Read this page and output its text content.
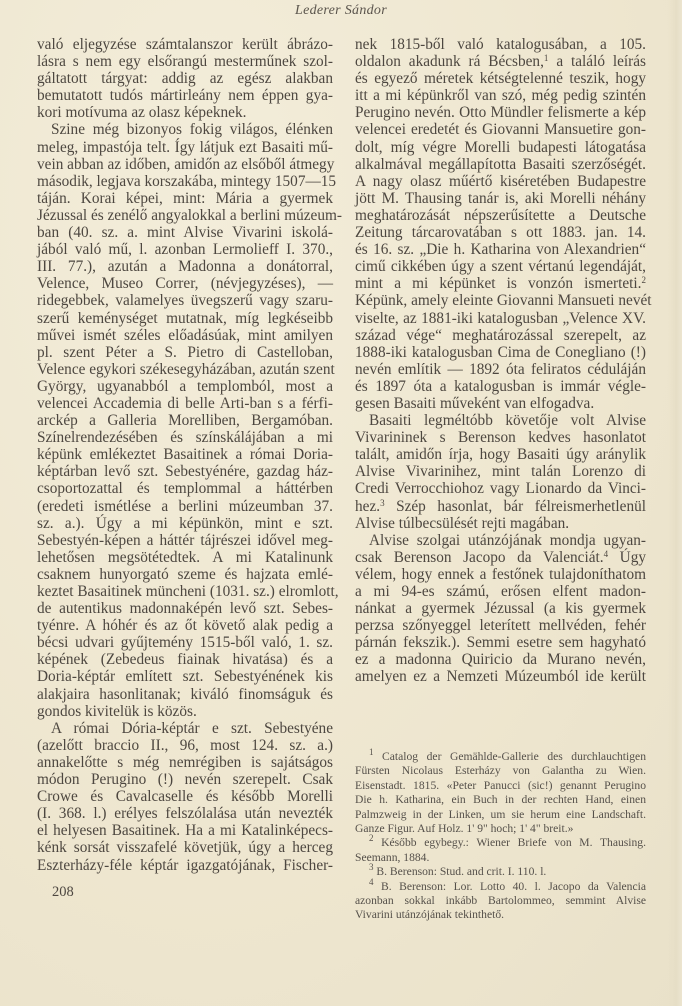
Lederer Sándor
való eljegyzése számtalanszor került ábrázo-
lásra s nem egy elsőrangú mesterműnek szol-
gáltatott tárgyat: addig az egész alakban
bemutatott tudós mártirleány nem éppen gya-
kori motívuma az olasz képeknek.
Szine még bizonyos fokig világos, élénken
meleg, impastója telt. Így látjuk ezt Basaiti mű-
vein abban az időben, amidőn az elsőből átmegy
második, legjava korszakába, mintegy 1507—15
táján. Korai képei, mint: Mária a gyermek
Jézussal és zenélő angyalokkal a berlini múzeum-
ban (40. sz. a. mint Alvise Vivarini iskolá-
jából való mű, l. azonban Lermolieff I. 370.,
III. 77.), azután a Madonna a donátorral,
Velence, Museo Correr, (névjegyzéses), —
ridegebbek, valamelyes üvegszerű vagy szaru-
szerű keménységet mutatnak, míg legkéseibb
művei ismét széles előadásúak, mint amilyen
pl. szent Péter a S. Pietro di Castelloban,
Velence egykori székesegyházában, azután szent
György, ugyanabból a templomból, most a
velencei Accademia di belle Arti-ban s a férfi-
arckép a Galleria Morelliben, Bergamóban.
Színelrendezésében és színskálájában a mi
képünk emlékeztet Basaitinek a római Doria-
képtárban levő szt. Sebestyénére, gazdag ház-
csoportozattal és templommal a háttérben
(eredeti ismétlése a berlini múzeumban 37.
sz. a.). Úgy a mi képünkön, mint e szt.
Sebestyén-képen a háttér tájrészei idővel meg-
lehetősen megsötétedtek. A mi Katalinunk
csaknem hunyorgató szeme és hajzata emlé-
keztet Basaitinek müncheni (1031. sz.) elromlott,
de autentikus madonnaképén levő szt. Sebes-
tyénre. A hóhér és az őt követő alak pedig a
bécsi udvari gyűjtemény 1515-ből való, 1. sz.
képének (Zebedeus fiainak hivatása) és a
Doria-képtár említett szt. Sebestyénének kis
alakjaira hasonlitanak; kiváló finomságuk és
gondos kivitelük is közös.
A római Dória-képtár e szt. Sebestyéne
(azelőtt braccio II., 96, most 124. sz. a.)
annakelőtte s még nemrégiben is sajátságos
módon Perugino (!) nevén szerepelt. Csak
Crowe és Cavalcaselle és később Morelli
(I. 368. l.) erélyes felszólalása után nevezték
el helyesen Basaitinek. Ha a mi Katalinképecs-
kénk sorsát visszafelé követjük, úgy a herceg
Eszterházy-féle képtár igazgatójának, Fischer-
nek 1815-ből való katalogusában, a 105.
oldalon akadunk rá Bécsben,$^1$ a találó leírás
és egyező méretek kétségtelenné teszik, hogy
itt a mi képünkről van szó, még pedig szintén
Perugino nevén. Otto Mündler felismerte a kép
velencei eredetét és Giovanni Mansuetire gon-
dolt, míg végre Morelli budapesti látogatása
alkalmával megállapította Basaiti szerzőségét.
A nagy olasz műértő kiséretében Budapestre
jött M. Thausing tanár is, aki Morelli néhány
meghatározását népszerűsítette a Deutsche
Zeitung tárcarovatában s ott 1883. jan. 14.
és 16. sz. „Die h. Katharina von Alexandrien“
cimű cikkében úgy a szent vértanú legendáját,
mint a mi képünket is vonzón ismerteti.$^2$
Képünk, amely eleinte Giovanni Mansueti nevét
viselte, az 1881-iki katalogusban „Velence XV.
század vége“ meghatározással szerepelt, az
1888-iki katalogusban Cima de Conegliano (!)
nevén említik — 1892 óta feliratos céduláján
és 1897 óta a katalogusban is immár végle-
gesen Basaiti műveként van elfogadva.
Basaiti legméltóbb követője volt Alvise
Vivarininek s Berenson kedves hasonlatot
talált, amidőn írja, hogy Basaiti úgy aránylik
Alvise Vivarinihez, mint talán Lorenzo di
Credi Verrocchiohoz vagy Lionardo da Vinci-
hez.$^3$ Szép hasonlat, bár félreismerhetlenül
Alvise túlbecsülését rejti magában.
Alvise szolgai utánzójának mondja ugyan-
csak Berenson Jacopo da Valenciát.$^4$ Úgy
vélem, hogy ennek a festőnek tulajdoníthatom
a mi 94-es számú, erősen elfent madon-
nánkat a gyermek Jézussal (a kis gyermek
perzsa szőnyeggel leterített mellvéden, fehér
párnán fekszik.). Semmi esetre sem hagyható
ez a madonna Quiricio da Murano nevén,
amelyen ez a Nemzeti Múzeumból ide került
$^1$ Catalog der Gemählde-Gallerie des durchlauchtigen
Fürsten Nicolaus Esterházy von Galantha zu Wien.
Eisenstadt. 1815. «Peter Panucci (sic!) genannt Perugino
Die h. Katharina, ein Buch in der rechten Hand, einen
Palmzweig in der Linken, um sie herum eine Landschaft.
Ganze Figur. Auf Holz. 1' 9" hoch; 1' 4" breit.»
$^2$ Később egybegy.: Wiener Briefe von M. Thausing.
Seemann, 1884.
$^3$ B. Berenson: Stud. and crit. I. 110. l.
$^4$ B. Berenson: Lor. Lotto 40. l. Jacopo da Valencia
azonban sokkal inkább Bartolommeo, semmint Alvise
Vivarini utánzójának tekinthető.
208
